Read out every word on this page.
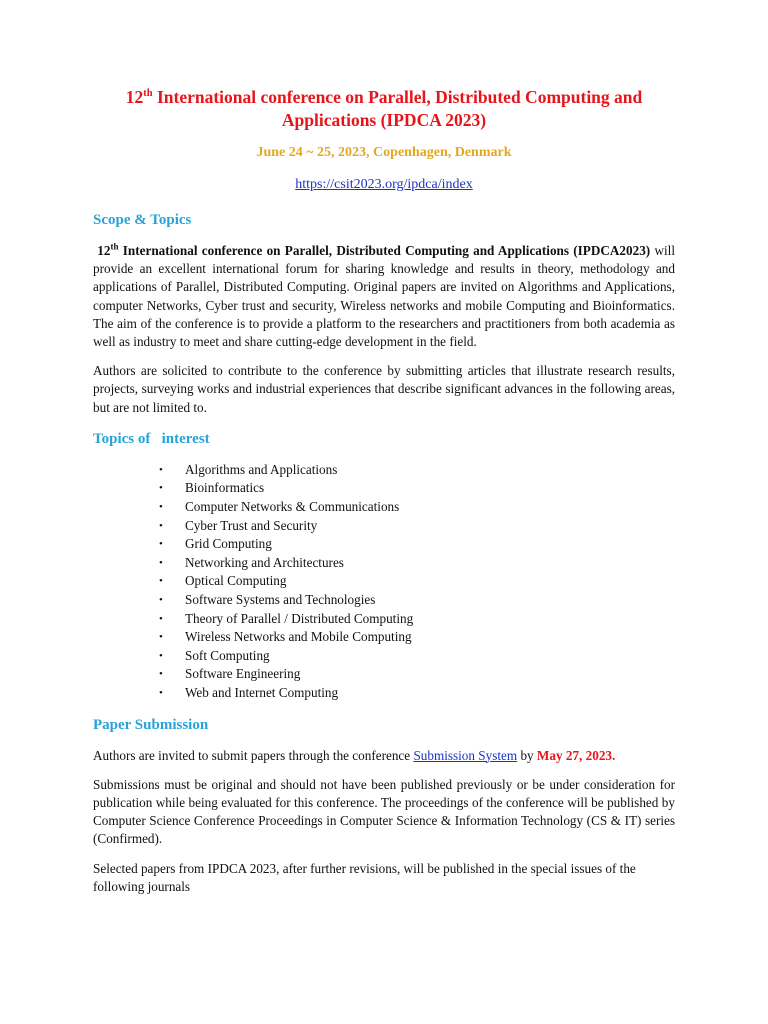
12th International conference on Parallel, Distributed Computing and Applications (IPDCA 2023)
June 24 ~ 25, 2023, Copenhagen, Denmark
https://csit2023.org/ipdca/index
Scope & Topics

12th International conference on Parallel, Distributed Computing and Applications (IPDCA2023) will provide an excellent international forum for sharing knowledge and results in theory, methodology and applications of Parallel, Distributed Computing. Original papers are invited on Algorithms and Applications, computer Networks, Cyber trust and security, Wireless networks and mobile Computing and Bioinformatics. The aim of the conference is to provide a platform to the researchers and practitioners from both academia as well as industry to meet and share cutting-edge development in the field.

Authors are solicited to contribute to the conference by submitting articles that illustrate research results, projects, surveying works and industrial experiences that describe significant advances in the following areas, but are not limited to.

Topics of   interest
• Algorithms and Applications
• Bioinformatics
• Computer Networks & Communications
• Cyber Trust and Security
• Grid Computing
• Networking and Architectures
• Optical Computing
• Software Systems and Technologies
• Theory of Parallel / Distributed Computing
• Wireless Networks and Mobile Computing
• Soft Computing
• Software Engineering
• Web and Internet Computing
Paper Submission

Authors are invited to submit papers through the conference Submission System by May 27, 2023.

Submissions must be original and should not have been published previously or be under consideration for publication while being evaluated for this conference. The proceedings of the conference will be published by Computer Science Conference Proceedings in Computer Science & Information Technology (CS & IT) series (Confirmed).

Selected papers from IPDCA 2023, after further revisions, will be published in the special issues of the following journals
